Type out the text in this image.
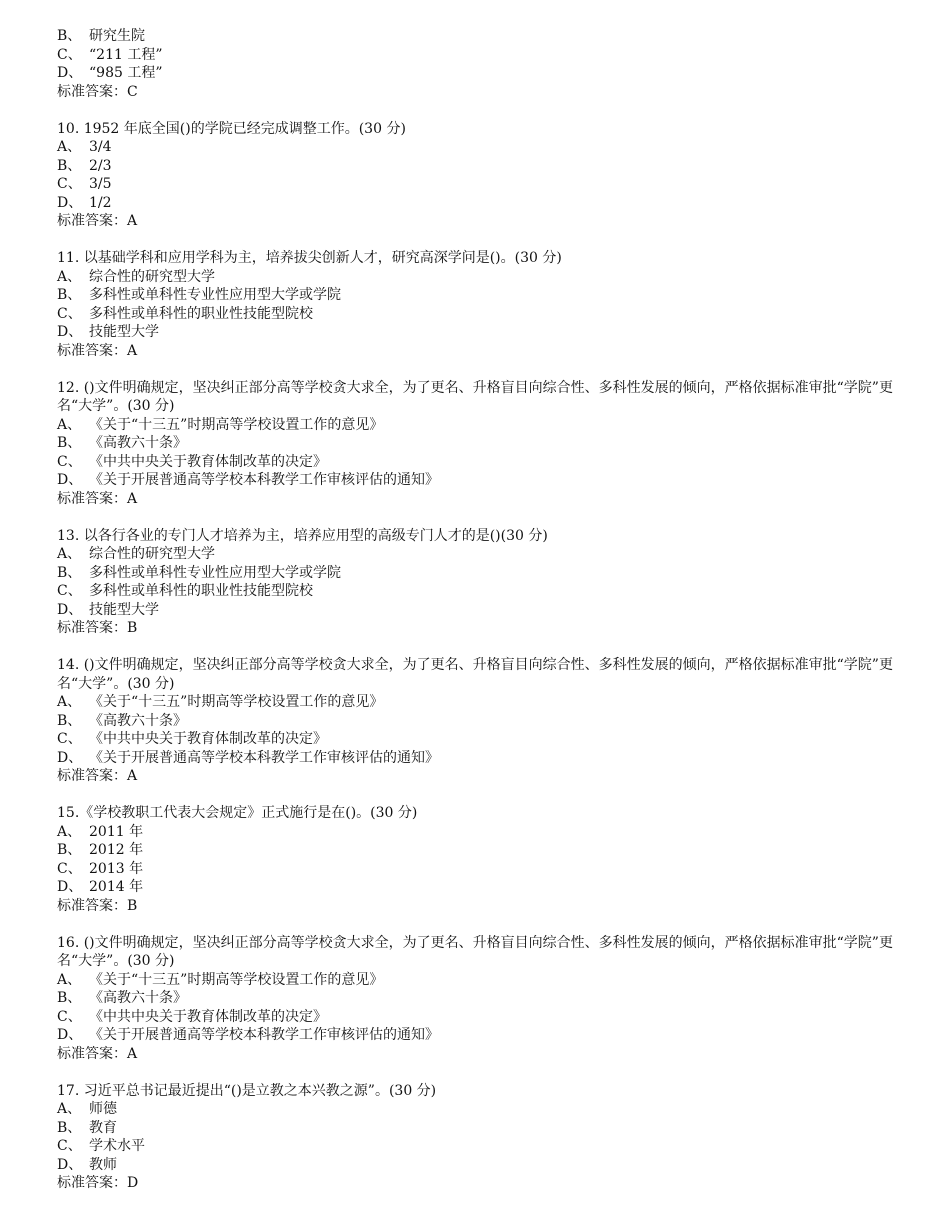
B、 研究生院
C、 “211 工程”
D、 “985 工程”
标准答案：C
10. 1952 年底全国()的学院已经完成调整工作。(30 分)
A、 3/4
B、 2/3
C、 3/5
D、 1/2
标准答案：A
11. 以基础学科和应用学科为主，培养拔尖创新人才，研究高深学问是()。(30 分)
A、 综合性的研究型大学
B、 多科性或单科性专业性应用型大学或学院
C、 多科性或单科性的职业性技能型院校
D、 技能型大学
标准答案：A
12. ()文件明确规定，坚决纠正部分高等学校贪大求全，为了更名、升格盲目向综合性、多科性发展的倾向，严格依据标准审批“学院”更名“大学”。(30 分)
A、 《关于“十三五”时期高等学校设置工作的意见》
B、 《高教六十条》
C、 《中共中央关于教育体制改革的决定》
D、 《关于开展普通高等学校本科教学工作审核评估的通知》
标准答案：A
13. 以各行各业的专门人才培养为主，培养应用型的高级专门人才的是()(30 分)
A、 综合性的研究型大学
B、 多科性或单科性专业性应用型大学或学院
C、 多科性或单科性的职业性技能型院校
D、 技能型大学
标准答案：B
14. ()文件明确规定，坚决纠正部分高等学校贪大求全，为了更名、升格盲目向综合性、多科性发展的倾向，严格依据标准审批“学院”更名“大学”。(30 分)
A、 《关于“十三五”时期高等学校设置工作的意见》
B、 《高教六十条》
C、 《中共中央关于教育体制改革的决定》
D、 《关于开展普通高等学校本科教学工作审核评估的通知》
标准答案：A
15.《学校教职工代表大会规定》正式施行是在()。(30 分)
A、 2011 年
B、 2012 年
C、 2013 年
D、 2014 年
标准答案：B
16. ()文件明确规定，坚决纠正部分高等学校贪大求全，为了更名、升格盲目向综合性、多科性发展的倾向，严格依据标准审批“学院”更名“大学”。(30 分)
A、 《关于“十三五”时期高等学校设置工作的意见》
B、 《高教六十条》
C、 《中共中央关于教育体制改革的决定》
D、 《关于开展普通高等学校本科教学工作审核评估的通知》
标准答案：A
17. 习近平总书记最近提出“()是立教之本兴教之源”。(30 分)
A、 师德
B、 教育
C、 学术水平
D、 教师
标准答案：D
